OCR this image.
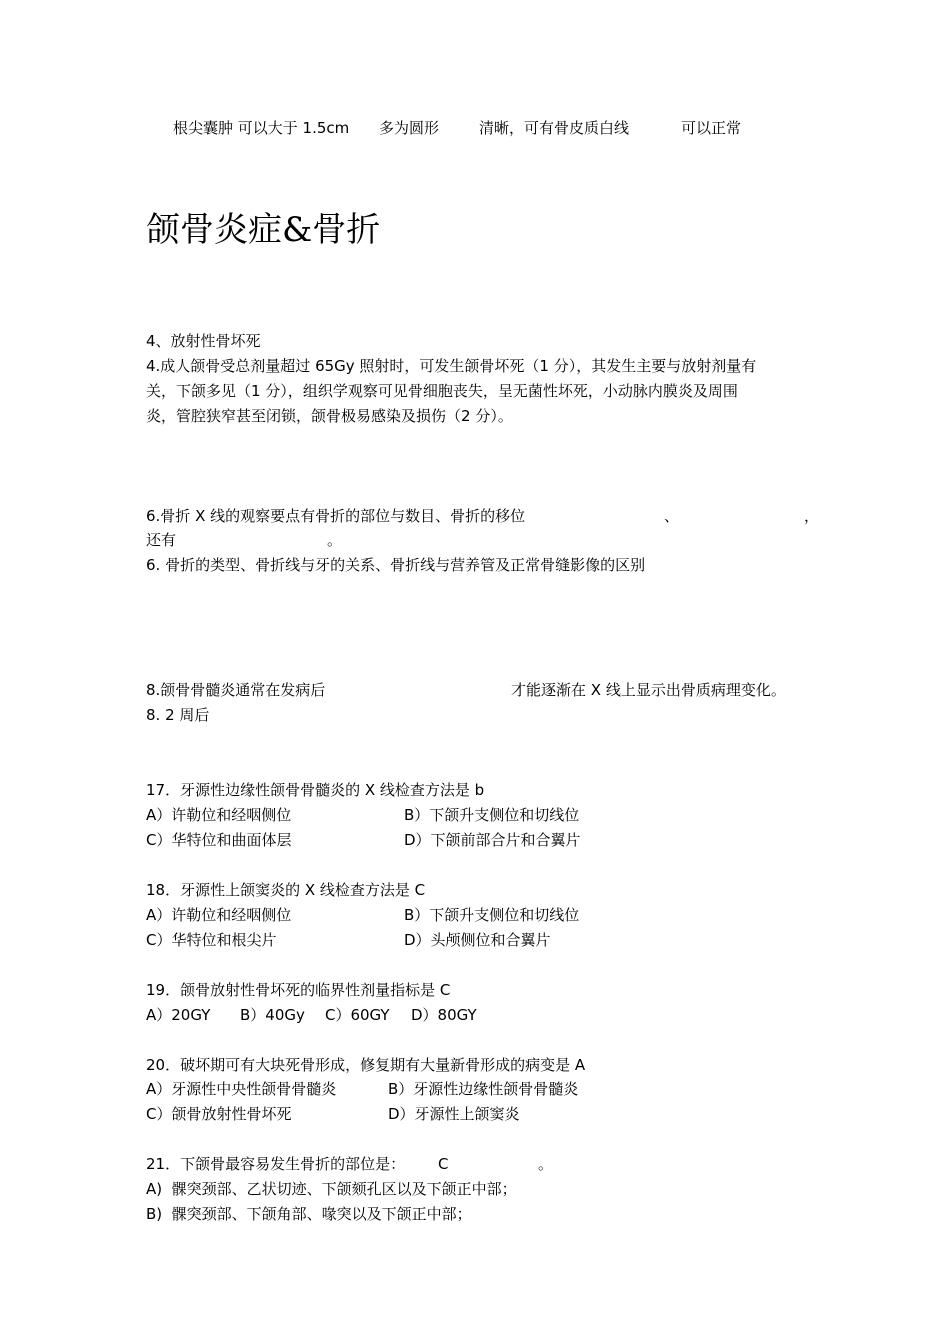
根尖囊肿 可以大于 1.5cm 多为圆形	清晰，可有骨皮质白线	可以正常
颌骨炎症&骨折
4、放射性骨坏死
4.成人颌骨受总剂量超过 65Gy 照射时，可发生颌骨坏死（1 分），其发生主要与放射剂量有
关，下颌多见（1 分），组织学观察可见骨细胞丧失，呈无菌性坏死，小动脉内膜炎及周围
炎，管腔狭窄甚至闭锁，颌骨极易感染及损伤（2 分）。
6.骨折 X 线的观察要点有骨折的部位与数目、骨折的移位	、	，
还有	。
6. 骨折的类型、骨折线与牙的关系、骨折线与营养管及正常骨缝影像的区别
8.颌骨骨髓炎通常在发病后	才能逐渐在 X 线上显示出骨质病理变化。
8. 2 周后
17．牙源性边缘性颌骨骨髓炎的 X 线检查方法是 b
A）许勒位和经咽侧位	B）下颌升支侧位和切线位
C）华特位和曲面体层	D）下颌前部合片和合翼片
18．牙源性上颌窦炎的 X 线检查方法是 C
A）许勒位和经咽侧位	B）下颌升支侧位和切线位
C）华特位和根尖片	D）头颅侧位和合翼片
19．颌骨放射性骨坏死的临界性剂量指标是 C
A）20GY B）40Gy C）60GY D）80GY
20．破坏期可有大块死骨形成，修复期有大量新骨形成的病变是 A
A）牙源性中央性颌骨骨髓炎	B）牙源性边缘性颌骨骨髓炎
C）颌骨放射性骨坏死	D）牙源性上颌窦炎
21．下颌骨最容易发生骨折的部位是： C	。
A)  髁突颈部、乙状切迹、下颌颏孔区以及下颌正中部；
B)  髁突颈部、下颌角部、喙突以及下颌正中部；
